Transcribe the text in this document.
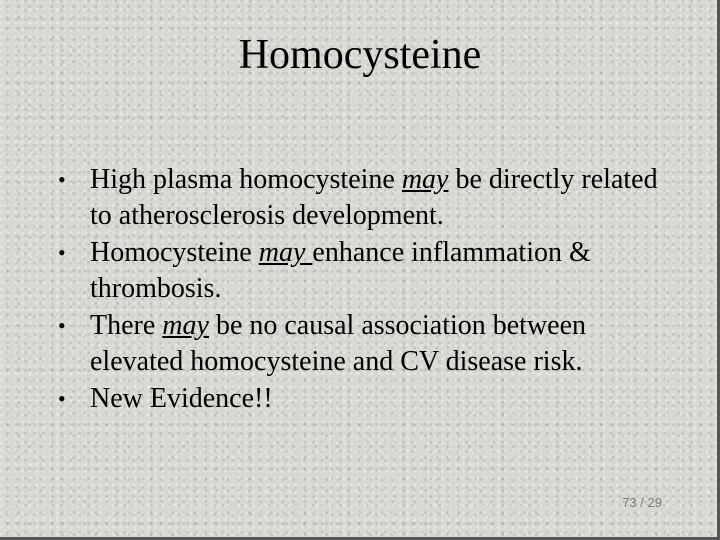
Homocysteine
• High plasma homocysteine may be directly related to atherosclerosis development.
• Homocysteine may enhance inflammation & thrombosis.
• There may be no causal association between elevated homocysteine and CV disease risk.
• New Evidence!!
73 / 29
